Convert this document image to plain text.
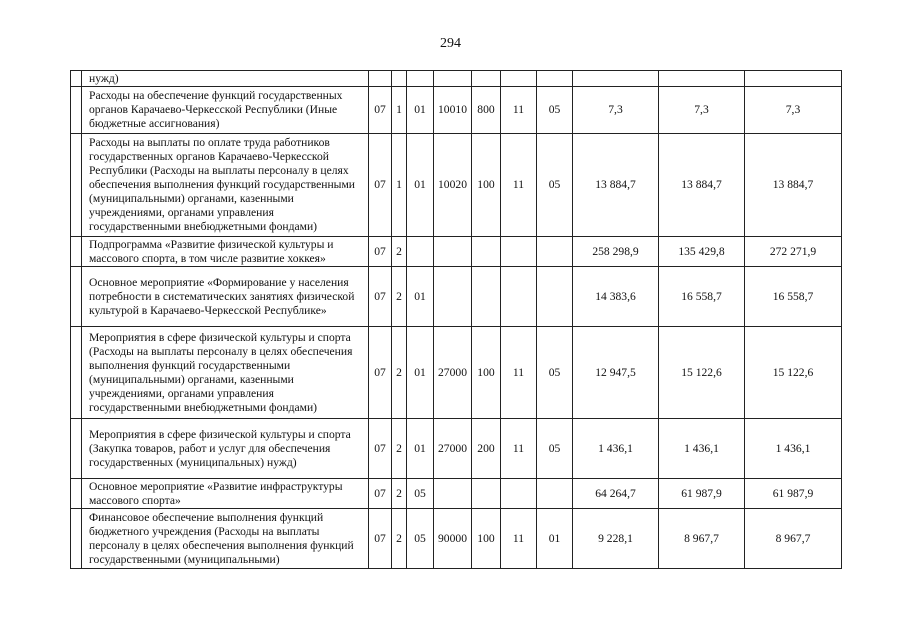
294
	нужд)										
	Расходы на обеспечение функций государственных органов Карачаево-Черкесской Республики (Иные бюджетные ассигнования)	07	1	01	10010	800	11	05	7,3	7,3	7,3
	Расходы на выплаты по оплате труда работников государственных органов Карачаево-Черкесской Республики (Расходы на выплаты персоналу в целях обеспечения выполнения функций государственными (муниципальными) органами, казенными учреждениями, органами управления государственными внебюджетными фондами)	07	1	01	10020	100	11	05	13 884,7	13 884,7	13 884,7
	Подпрограмма «Развитие физической культуры и массового спорта, в том числе развитие хоккея»	07	2						258 298,9	135 429,8	272 271,9
	Основное мероприятие «Формирование у населения потребности в систематических занятиях физической культурой в Карачаево-Черкесской Республике»	07	2	01					14 383,6	16 558,7	16 558,7
	Мероприятия в сфере физической культуры и спорта (Расходы на выплаты персоналу в целях обеспечения выполнения функций государственными (муниципальными) органами, казенными учреждениями, органами управления государственными внебюджетными фондами)	07	2	01	27000	100	11	05	12 947,5	15 122,6	15 122,6
	Мероприятия в сфере физической культуры и спорта (Закупка товаров, работ и услуг для обеспечения государственных (муниципальных) нужд)	07	2	01	27000	200	11	05	1 436,1	1 436,1	1 436,1
	Основное мероприятие «Развитие инфраструктуры массового спорта»	07	2	05					64 264,7	61 987,9	61 987,9
	Финансовое обеспечение выполнения функций бюджетного учреждения (Расходы на выплаты персоналу в целях обеспечения выполнения функций государственными (муниципальными)	07	2	05	90000	100	11	01	9 228,1	8 967,7	8 967,7
